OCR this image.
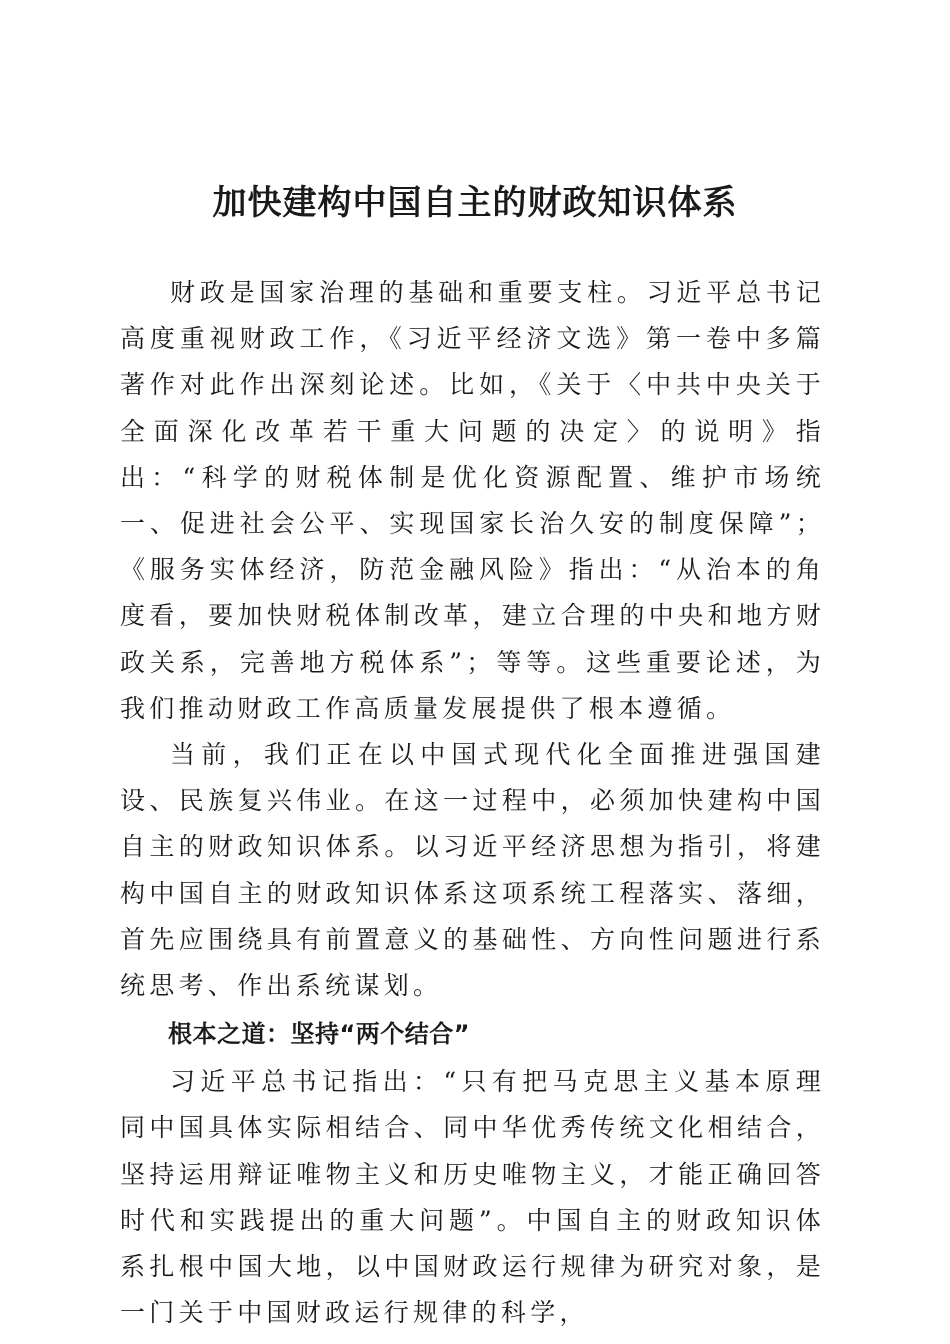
加快建构中国自主的财政知识体系

财政是国家治理的基础和重要支柱。习近平总书记高度重视财政工作，《习近平经济文选》第一卷中多篇著作对此作出深刻论述。比如，《关于〈中共中央关于全面深化改革若干重大问题的决定〉的说明》指出：“科学的财税体制是优化资源配置、维护市场统一、促进社会公平、实现国家长治久安的制度保障”；《服务实体经济，防范金融风险》指出：“从治本的角度看，要加快财税体制改革，建立合理的中央和地方财政关系，完善地方税体系”；等等。这些重要论述，为我们推动财政工作高质量发展提供了根本遵循。

当前，我们正在以中国式现代化全面推进强国建设、民族复兴伟业。在这一过程中，必须加快建构中国自主的财政知识体系。以习近平经济思想为指引，将建构中国自主的财政知识体系这项系统工程落实、落细，首先应围绕具有前置意义的基础性、方向性问题进行系统思考、作出系统谋划。

根本之道：坚持“两个结合”

习近平总书记指出：“只有把马克思主义基本原理同中国具体实际相结合、同中华优秀传统文化相结合，坚持运用辩证唯物主义和历史唯物主义，才能正确回答时代和实践提出的重大问题”。中国自主的财政知识体系扎根中国大地，以中国财政运行规律为研究对象，是一门关于中国财政运行规律的科学，
